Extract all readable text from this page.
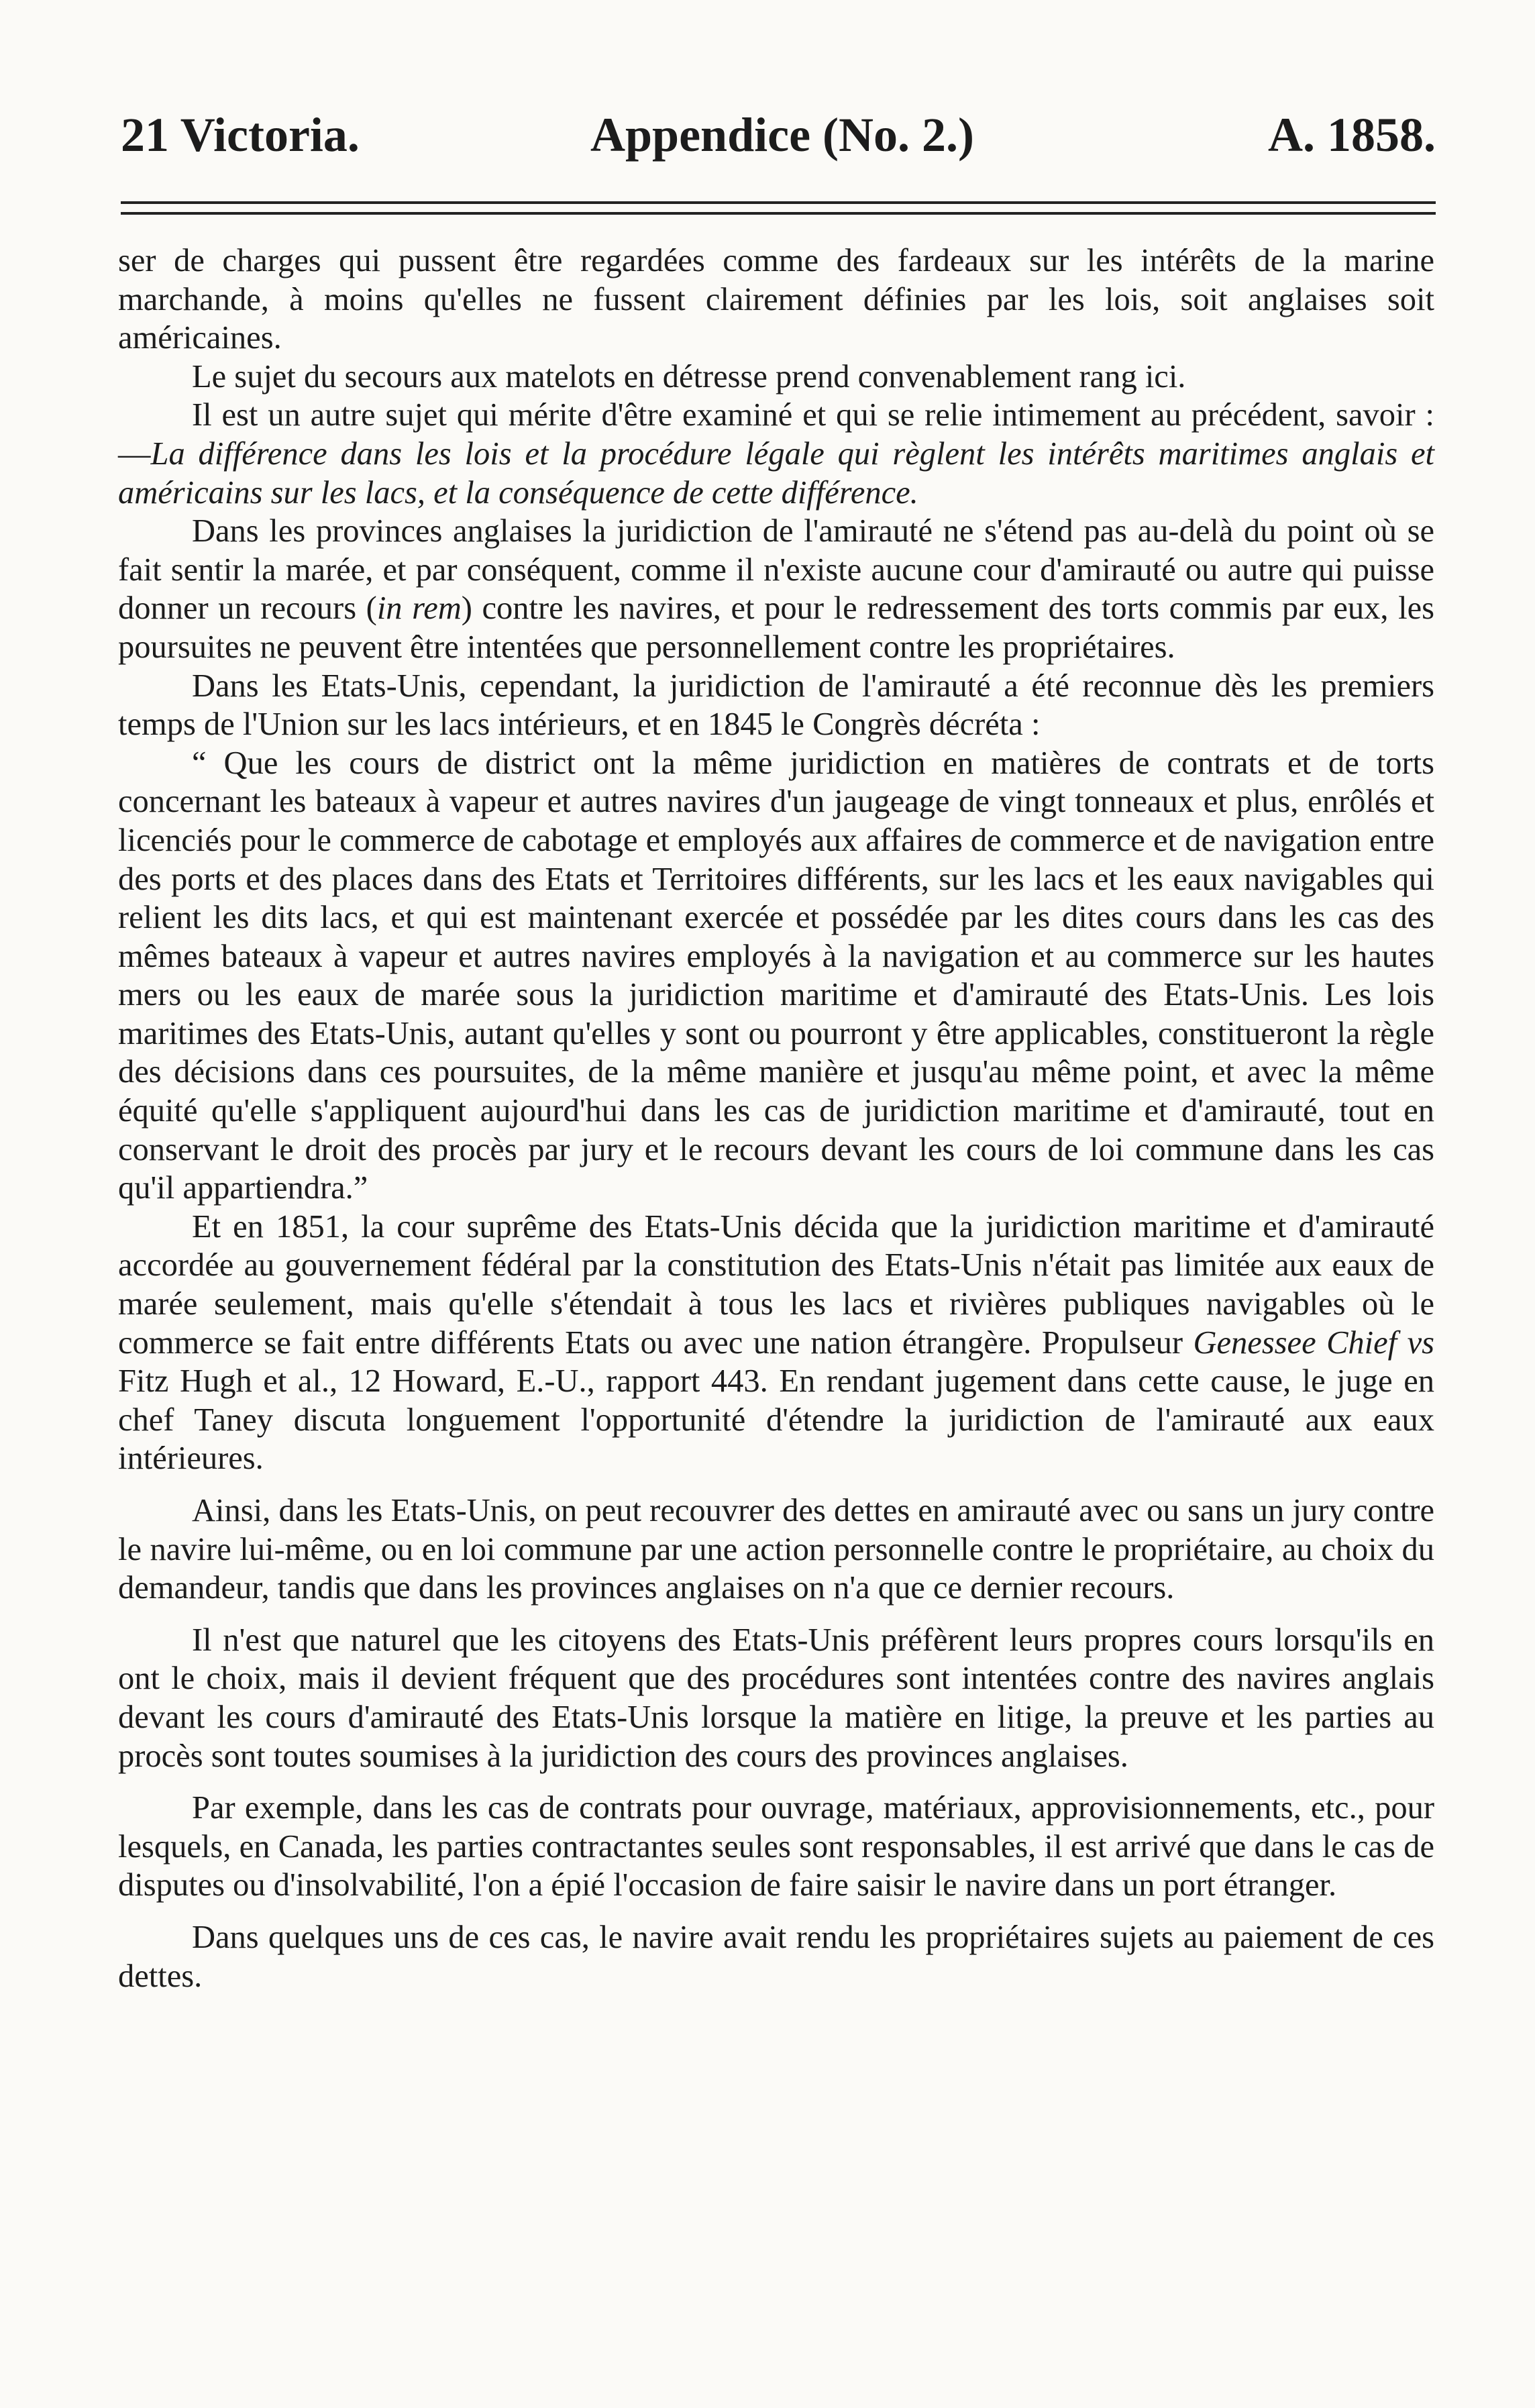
21 Victoria.	Appendice (No. 2.)	A. 1858.

ser de charges qui pussent être regardées comme des fardeaux sur les intérêts de la marine marchande, à moins qu'elles ne fussent clairement définies par les lois, soit anglaises soit américaines.

Le sujet du secours aux matelots en détresse prend convenablement rang ici.

Il est un autre sujet qui mérite d'être examiné et qui se relie intimement au précédent, savoir :—La différence dans les lois et la procédure légale qui règlent les intérêts maritimes anglais et américains sur les lacs, et la conséquence de cette différence.

Dans les provinces anglaises la juridiction de l'amirauté ne s'étend pas au-delà du point où se fait sentir la marée, et par conséquent, comme il n'existe aucune cour d'amirauté ou autre qui puisse donner un recours (in rem) contre les navires, et pour le redressement des torts commis par eux, les poursuites ne peuvent être intentées que personnellement contre les propriétaires.

Dans les Etats-Unis, cependant, la juridiction de l'amirauté a été reconnue dès les premiers temps de l'Union sur les lacs intérieurs, et en 1845 le Congrès décréta :

“ Que les cours de district ont la même juridiction en matières de contrats et de torts concernant les bateaux à vapeur et autres navires d'un jaugeage de vingt tonneaux et plus, enrôlés et licenciés pour le commerce de cabotage et employés aux affaires de commerce et de navigation entre des ports et des places dans des Etats et Territoires différents, sur les lacs et les eaux navigables qui relient les dits lacs, et qui est maintenant exercée et possédée par les dites cours dans les cas des mêmes bateaux à vapeur et autres navires employés à la navigation et au commerce sur les hautes mers ou les eaux de marée sous la juridiction maritime et d'amirauté des Etats-Unis. Les lois maritimes des Etats-Unis, autant qu'elles y sont ou pourront y être applicables, constitueront la règle des décisions dans ces poursuites, de la même manière et jusqu'au même point, et avec la même équité qu'elle s'appliquent aujourd'hui dans les cas de juridiction maritime et d'amirauté, tout en conservant le droit des procès par jury et le recours devant les cours de loi commune dans les cas qu'il appartiendra.”

Et en 1851, la cour suprême des Etats-Unis décida que la juridiction maritime et d'amirauté accordée au gouvernement fédéral par la constitution des Etats-Unis n'était pas limitée aux eaux de marée seulement, mais qu'elle s'étendait à tous les lacs et rivières publiques navigables où le commerce se fait entre différents Etats ou avec une nation étrangère. Propulseur Genessee Chief vs Fitz Hugh et al., 12 Howard, E.-U., rapport 443. En rendant jugement dans cette cause, le juge en chef Taney discuta longuement l'opportunité d'étendre la juridiction de l'amirauté aux eaux intérieures.

Ainsi, dans les Etats-Unis, on peut recouvrer des dettes en amirauté avec ou sans un jury contre le navire lui-même, ou en loi commune par une action personnelle contre le propriétaire, au choix du demandeur, tandis que dans les provinces anglaises on n'a que ce dernier recours.

Il n'est que naturel que les citoyens des Etats-Unis préfèrent leurs propres cours lorsqu'ils en ont le choix, mais il devient fréquent que des procédures sont intentées contre des navires anglais devant les cours d'amirauté des Etats-Unis lorsque la matière en litige, la preuve et les parties au procès sont toutes soumises à la juridiction des cours des provinces anglaises.

Par exemple, dans les cas de contrats pour ouvrage, matériaux, approvisionnements, etc., pour lesquels, en Canada, les parties contractantes seules sont responsables, il est arrivé que dans le cas de disputes ou d'insolvabilité, l'on a épié l'occasion de faire saisir le navire dans un port étranger.

Dans quelques uns de ces cas, le navire avait rendu les propriétaires sujets au paiement de ces dettes.
